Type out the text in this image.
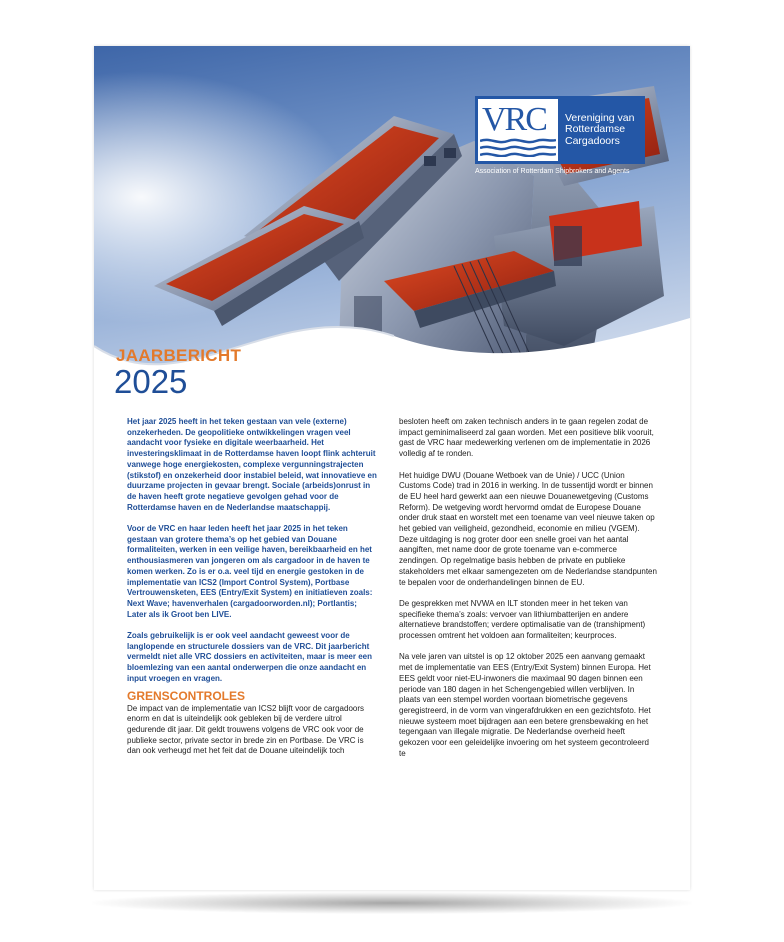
VRC Vereniging van
Rotterdamse
Cargadoors
Association of Rotterdam Shipbrokers and Agents
JAARBERICHT
2025

Het jaar 2025 heeft in het teken gestaan van vele (externe) onzekerheden. De geopolitieke ontwikkelingen vragen veel aandacht voor fysieke en digitale weerbaarheid. Het investeringsklimaat in de Rotterdamse haven loopt flink achteruit vanwege hoge energiekosten, complexe vergunningstrajecten (stikstof) en onzekerheid door instabiel beleid, wat innovatieve en duurzame projecten in gevaar brengt. Sociale (arbeids)onrust in de haven heeft grote negatieve gevolgen gehad voor de Rotterdamse haven en de Nederlandse maatschappij.

Voor de VRC en haar leden heeft het jaar 2025 in het teken gestaan van grotere thema’s op het gebied van Douane formaliteiten, werken in een veilige haven, bereikbaarheid en het enthousiasmeren van jongeren om als cargadoor in de haven te komen werken. Zo is er o.a. veel tijd en energie gestoken in de implementatie van ICS2 (Import Control System), Portbase Vertrouwensketen, EES (Entry/Exit System) en initiatieven zoals: Next Wave; havenverhalen (cargadoorworden.nl); Portlantis; Later als ik Groot ben LIVE.

Zoals gebruikelijk is er ook veel aandacht geweest voor de langlopende en structurele dossiers van de VRC. Dit jaarbericht vermeldt niet alle VRC dossiers en activiteiten, maar is meer een bloemlezing van een aantal onderwerpen die onze aandacht en input vroegen en vragen.

GRENSCONTROLES

De impact van de implementatie van ICS2 blijft voor de cargadoors enorm en dat is uiteindelijk ook gebleken bij de verdere uitrol gedurende dit jaar. Dit geldt trouwens volgens de VRC ook voor de publieke sector, private sector in brede zin en Portbase. De VRC is dan ook verheugd met het feit dat de Douane uiteindelijk toch

besloten heeft om zaken technisch anders in te gaan regelen zodat de impact geminimaliseerd zal gaan worden. Met een positieve blik vooruit, gast de VRC haar medewerking verlenen om de implementatie in 2026 volledig af te ronden.

Het huidige DWU (Douane Wetboek van de Unie) / UCC (Union Customs Code) trad in 2016 in werking. In de tussentijd wordt er binnen de EU heel hard gewerkt aan een nieuwe Douanewetgeving (Customs Reform). De wetgeving wordt hervormd omdat de Europese Douane onder druk staat en worstelt met een toename van veel nieuwe taken op het gebied van veiligheid, gezondheid, economie en milieu (VGEM). Deze uitdaging is nog groter door een snelle groei van het aantal aangiften, met name door de grote toename van e-commerce zendingen. Op regelmatige basis hebben de private en publieke stakeholders met elkaar samengezeten om de Nederlandse standpunten te bepalen voor de onderhandelingen binnen de EU.

De gesprekken met NVWA en ILT stonden meer in het teken van specifieke thema’s zoals: vervoer van lithiumbatterijen en andere alternatieve brandstoffen; verdere optimalisatie van de (transhipment) processen omtrent het voldoen aan formaliteiten; keurproces.

Na vele jaren van uitstel is op 12 oktober 2025 een aanvang gemaakt met de implementatie van EES (Entry/Exit System) binnen Europa. Het EES geldt voor niet-EU-inwoners die maximaal 90 dagen binnen een periode van 180 dagen in het Schengengebied willen verblijven. In plaats van een stempel worden voortaan biometrische gegevens geregistreerd, in de vorm van vingerafdrukken en een gezichtsfoto. Het nieuwe systeem moet bijdragen aan een betere grensbewaking en het tegengaan van illegale migratie. De Nederlandse overheid heeft gekozen voor een geleidelijke invoering om het systeem gecontroleerd te
